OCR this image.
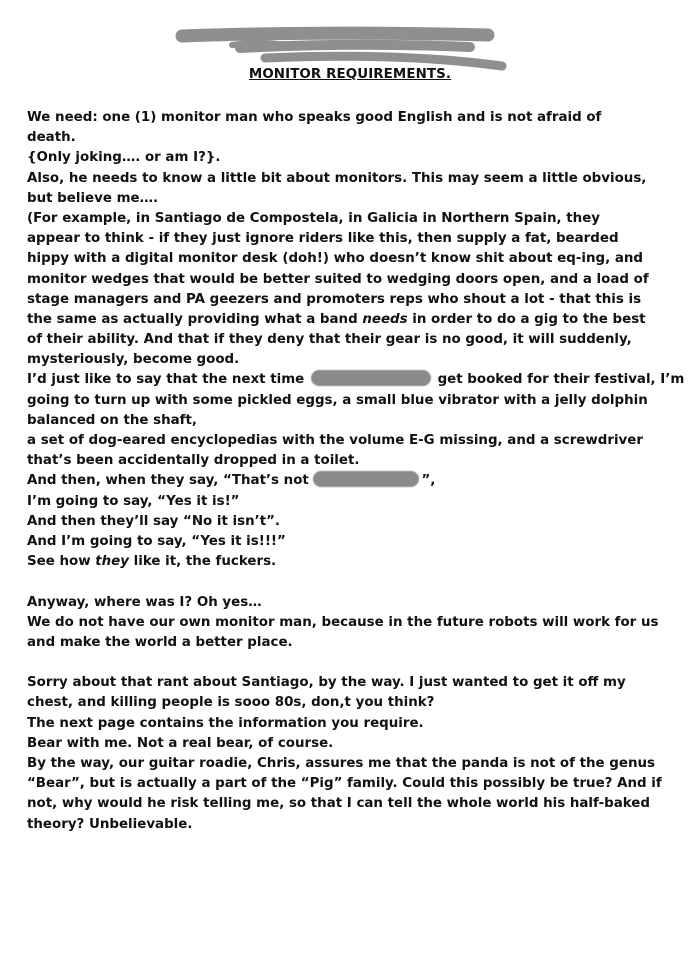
MONITOR REQUIREMENTS.
We need: one (1) monitor man who speaks good English and is not afraid of
death.
{Only joking…. or am I?}.
Also, he needs to know a little bit about monitors. This may seem a little obvious,
but believe me….
(For example, in Santiago de Compostela, in Galicia in Northern Spain, they
appear to think - if they just ignore riders like this, then supply a fat, bearded
hippy with a digital monitor desk (doh!) who doesn’t know shit about eq-ing, and
monitor wedges that would be better suited to wedging doors open, and a load of
stage managers and PA geezers and promoters reps who shout a lot - that this is
the same as actually providing what a band needs in order to do a gig to the best
of their ability. And that if they deny that their gear is no good, it will suddenly,
mysteriously, become good.
I’d just like to say that the next time	get booked for their festival, I’m
going to turn up with some pickled eggs, a small blue vibrator with a jelly dolphin
balanced on the shaft,
a set of dog-eared encyclopedias with the volume E-G missing, and a screwdriver
that’s been accidentally dropped in a toilet.
And then, when they say, “That’s not	”,
I’m going to say, “Yes it is!”
And then they’ll say “No it isn’t”.
And I’m going to say, “Yes it is!!!”
See how they like it, the fuckers.
Anyway, where was I? Oh yes…
We do not have our own monitor man, because in the future robots will work for us
and make the world a better place.
Sorry about that rant about Santiago, by the way. I just wanted to get it off my
chest, and killing people is sooo 80s, don,t you think?
The next page contains the information you require.
Bear with me. Not a real bear, of course.
By the way, our guitar roadie, Chris, assures me that the panda is not of the genus
“Bear”, but is actually a part of the “Pig” family. Could this possibly be true? And if
not, why would he risk telling me, so that I can tell the whole world his half-baked
theory? Unbelievable.
